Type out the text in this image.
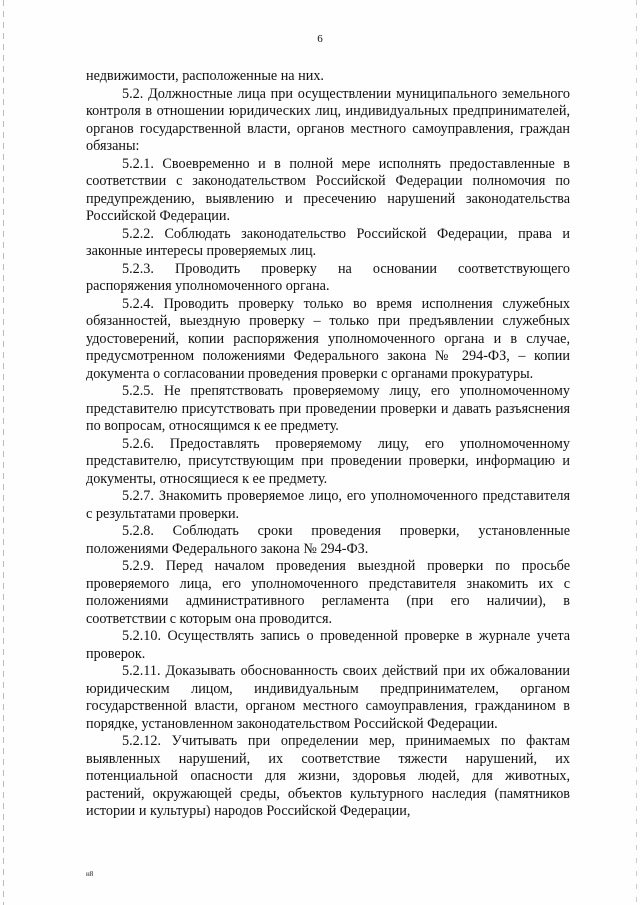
6

недвижимости, расположенные на них.

5.2. Должностные лица при осуществлении муниципального земельного контроля в отношении юридических лиц, индивидуальных предпринимателей, органов государственной власти, органов местного самоуправления, граждан обязаны:

5.2.1. Своевременно и в полной мере исполнять предоставленные в соответствии с законодательством Российской Федерации полномочия по предупреждению, выявлению и пресечению нарушений законодательства Российской Федерации.

5.2.2. Соблюдать законодательство Российской Федерации, права и законные интересы проверяемых лиц.

5.2.3. Проводить проверку на основании соответствующего распоряжения уполномоченного органа.

5.2.4. Проводить проверку только во время исполнения служебных обязанностей, выездную проверку – только при предъявлении служебных удостоверений, копии распоряжения уполномоченного органа и в случае, предусмотренном положениями Федерального закона № 294-ФЗ, – копии документа о согласовании проведения проверки с органами прокуратуры.

5.2.5. Не препятствовать проверяемому лицу, его уполномоченному представителю присутствовать при проведении проверки и давать разъяснения по вопросам, относящимся к ее предмету.

5.2.6. Предоставлять проверяемому лицу, его уполномоченному представителю, присутствующим при проведении проверки, информацию и документы, относящиеся к ее предмету.

5.2.7. Знакомить проверяемое лицо, его уполномоченного представителя с результатами проверки.

5.2.8. Соблюдать сроки проведения проверки, установленные положениями Федерального закона № 294-ФЗ.

5.2.9. Перед началом проведения выездной проверки по просьбе проверяемого лица, его уполномоченного представителя знакомить их с положениями административного регламента (при его наличии), в соответствии с которым она проводится.

5.2.10. Осуществлять запись о проведенной проверке в журнале учета проверок.

5.2.11. Доказывать обоснованность своих действий при их обжаловании юридическим лицом, индивидуальным предпринимателем, органом государственной власти, органом местного самоуправления, гражданином в порядке, установленном законодательством Российской Федерации.

5.2.12. Учитывать при определении мер, принимаемых по фактам выявленных нарушений, их соответствие тяжести нарушений, их потенциальной опасности для жизни, здоровья людей, для животных, растений, окружающей среды, объектов культурного наследия (памятников истории и культуры) народов Российской Федерации,

н8
